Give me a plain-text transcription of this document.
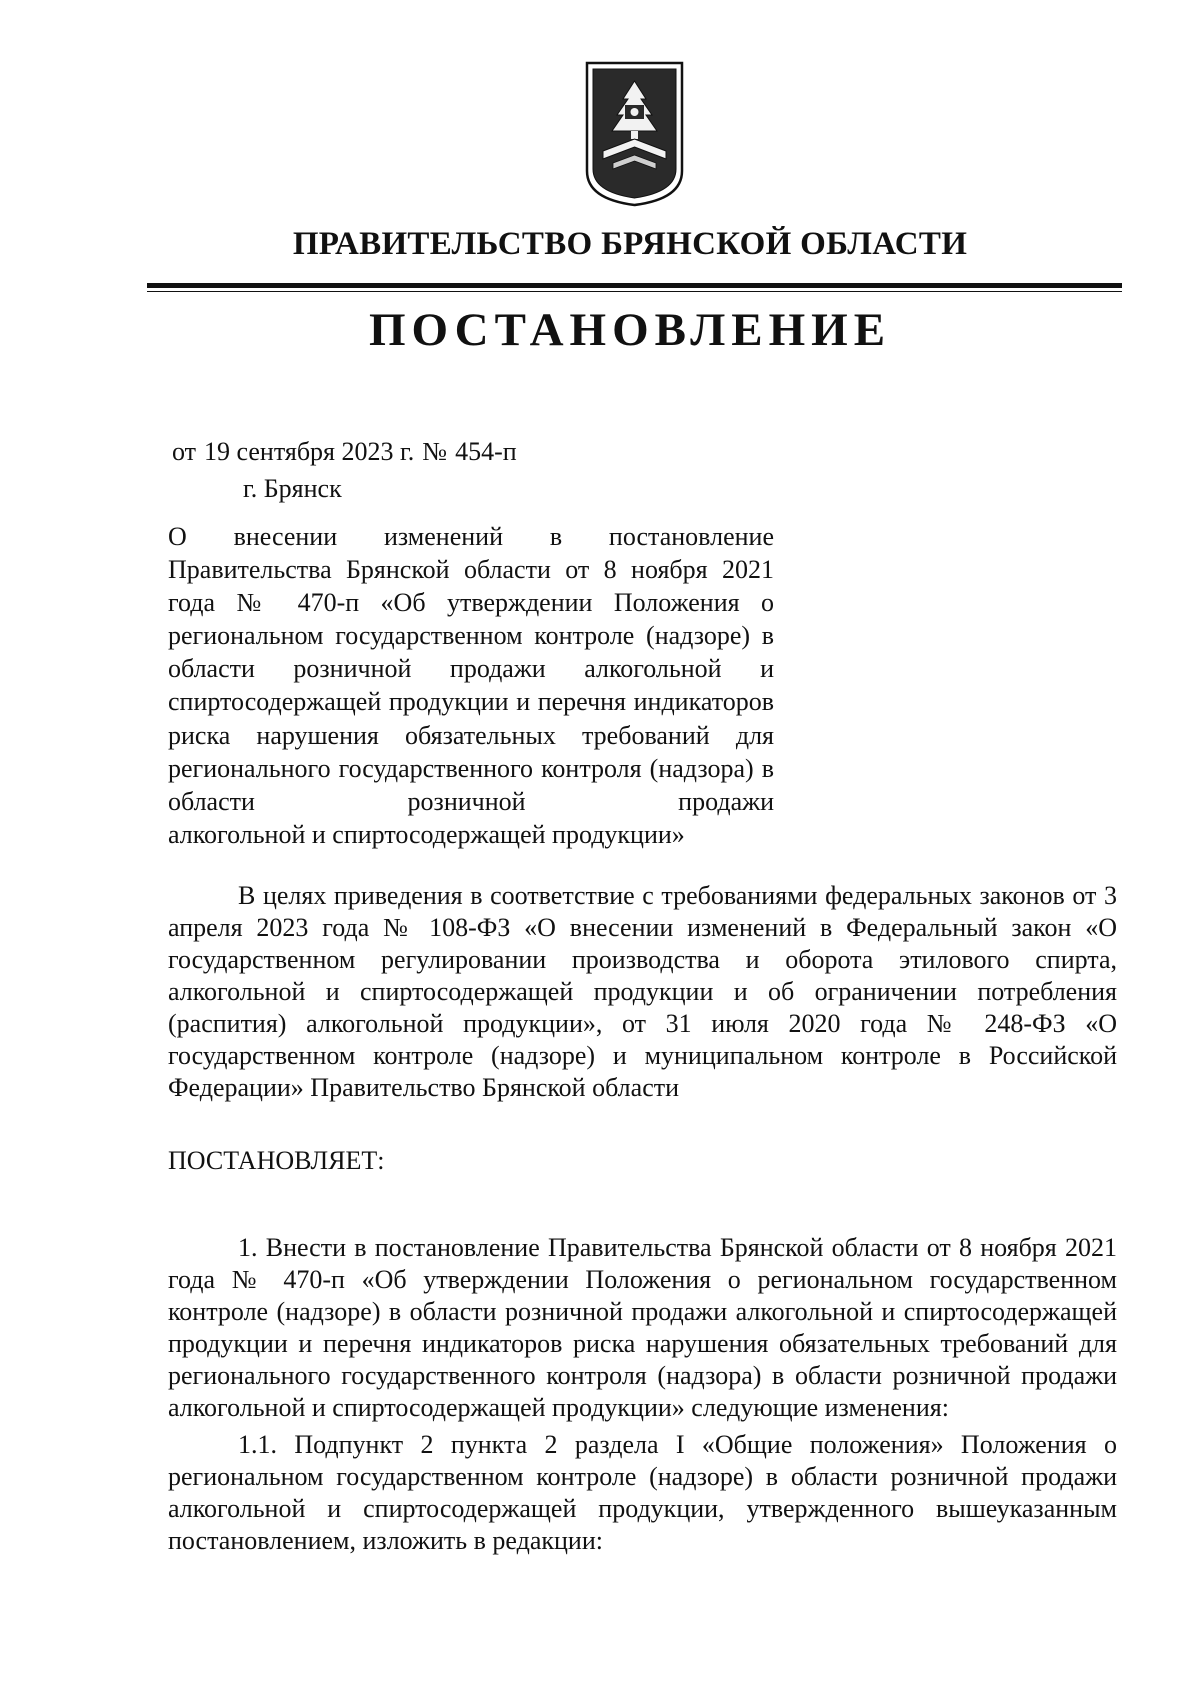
ПРАВИТЕЛЬСТВО БРЯНСКОЙ ОБЛАСТИ
ПОСТАНОВЛЕНИЕ
от 19 сентября 2023 г. № 454-п
г. Брянск
О внесении изменений в постановление Правительства Брянской области от 8 ноября 2021 года № 470-п «Об утверждении Положения о региональном государственном контроле (надзоре) в области розничной продажи алкогольной и спиртосодержащей продукции и перечня индикаторов риска нарушения обязательных требований для регионального государственного контроля (надзора) в области розничной продажи
алкогольной и спиртосодержащей продукции»
В целях приведения в соответствие с требованиями федеральных законов от 3 апреля 2023 года № 108-ФЗ «О внесении изменений в Федеральный закон «О государственном регулировании производства и оборота этилового спирта, алкогольной и спиртосодержащей продукции и об ограничении потребления (распития) алкогольной продукции», от 31 июля 2020 года № 248-ФЗ «О государственном контроле (надзоре) и муниципальном контроле в Российской Федерации» Правительство Брянской области
ПОСТАНОВЛЯЕТ:
1. Внести в постановление Правительства Брянской области от 8 ноября 2021 года № 470-п «Об утверждении Положения о региональном государственном контроле (надзоре) в области розничной продажи алкогольной и спиртосодержащей продукции и перечня индикаторов риска нарушения обязательных требований для регионального государственного контроля (надзора) в области розничной продажи алкогольной и спиртосодержащей продукции» следующие изменения:
1.1. Подпункт 2 пункта 2 раздела I «Общие положения» Положения о региональном государственном контроле (надзоре) в области розничной продажи алкогольной и спиртосодержащей продукции, утвержденного вышеуказанным постановлением, изложить в редакции:
